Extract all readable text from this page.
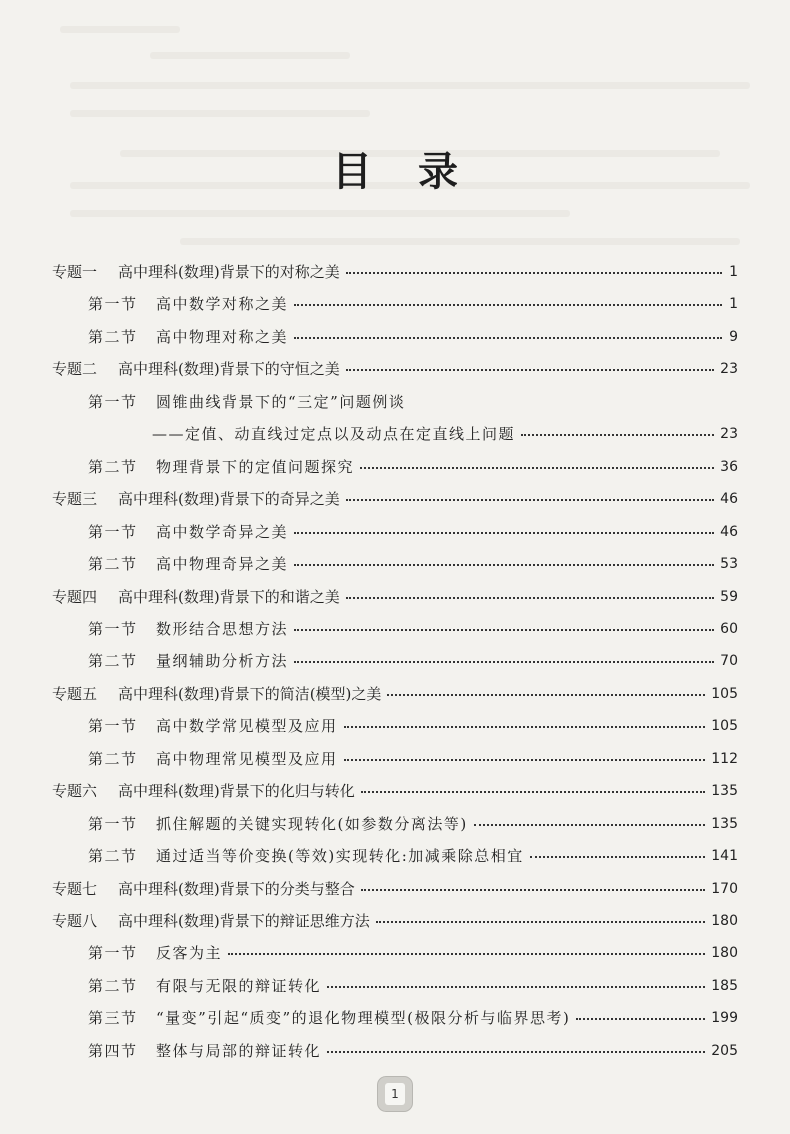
目录
专题一	高中理科(数理)背景下的对称之美	1
第一节	高中数学对称之美	1
第二节	高中物理对称之美	9
专题二	高中理科(数理)背景下的守恒之美	23
第一节	圆锥曲线背景下的“三定”问题例谈
——定值、动直线过定点以及动点在定直线上问题	23
第二节	物理背景下的定值问题探究	36
专题三	高中理科(数理)背景下的奇异之美	46
第一节	高中数学奇异之美	46
第二节	高中物理奇异之美	53
专题四	高中理科(数理)背景下的和谐之美	59
第一节	数形结合思想方法	60
第二节	量纲辅助分析方法	70
专题五	高中理科(数理)背景下的简洁(模型)之美	105
第一节	高中数学常见模型及应用	105
第二节	高中物理常见模型及应用	112
专题六	高中理科(数理)背景下的化归与转化	135
第一节	抓住解题的关键实现转化(如参数分离法等)	135
第二节	通过适当等价变换(等效)实现转化:加减乘除总相宜	141
专题七	高中理科(数理)背景下的分类与整合	170
专题八	高中理科(数理)背景下的辩证思维方法	180
第一节	反客为主	180
第二节	有限与无限的辩证转化	185
第三节	“量变”引起“质变”的退化物理模型(极限分析与临界思考)	199
第四节	整体与局部的辩证转化	205
1
